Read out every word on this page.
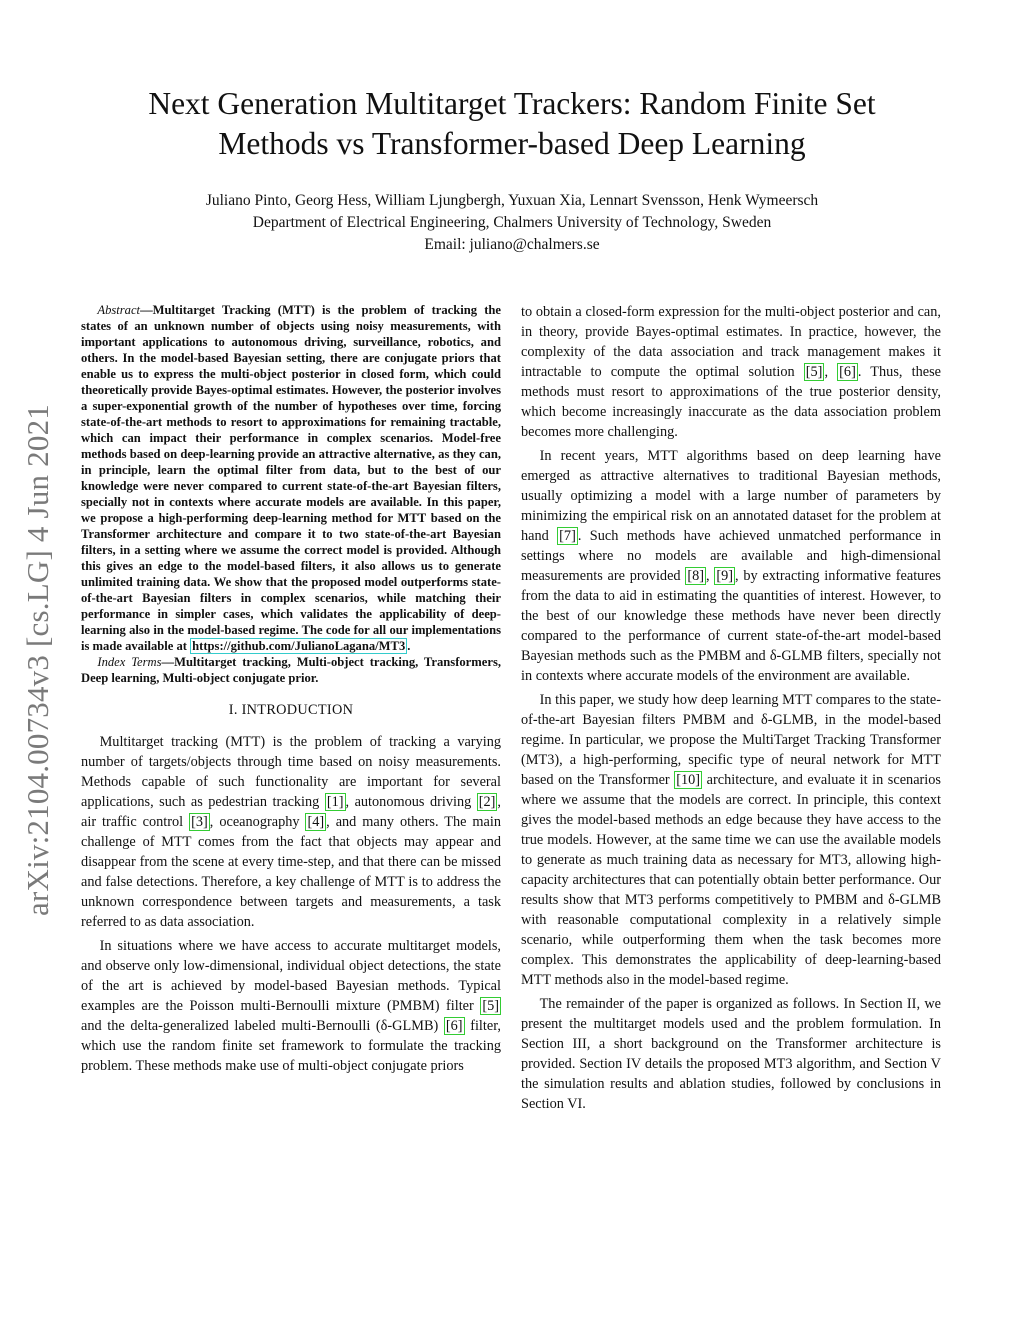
arXiv:2104.00734v3 [cs.LG] 4 Jun 2021
Next Generation Multitarget Trackers: Random Finite Set
Methods vs Transformer-based Deep Learning
Juliano Pinto, Georg Hess, William Ljungbergh, Yuxuan Xia, Lennart Svensson, Henk Wymeersch
Department of Electrical Engineering, Chalmers University of Technology, Sweden
Email: juliano@chalmers.se

Abstract—Multitarget Tracking (MTT) is the problem of tracking the states of an unknown number of objects using noisy measurements, with important applications to autonomous driving, surveillance, robotics, and others. In the model-based Bayesian setting, there are conjugate priors that enable us to express the multi-object posterior in closed form, which could theoretically provide Bayes-optimal estimates. However, the posterior involves a super-exponential growth of the number of hypotheses over time, forcing state-of-the-art methods to resort to approximations for remaining tractable, which can impact their performance in complex scenarios. Model-free methods based on deep-learning provide an attractive alternative, as they can, in principle, learn the optimal filter from data, but to the best of our knowledge were never compared to current state-of-the-art Bayesian filters, specially not in contexts where accurate models are available. In this paper, we propose a high-performing deep-learning method for MTT based on the Transformer architecture and compare it to two state-of-the-art Bayesian filters, in a setting where we assume the correct model is provided. Although this gives an edge to the model-based filters, it also allows us to generate unlimited training data. We show that the proposed model outperforms state-of-the-art Bayesian filters in complex scenarios, while matching their performance in simpler cases, which validates the applicability of deep-learning also in the model-based regime. The code for all our implementations is made available at https://github.com/JulianoLagana/MT3 .

Index Terms—Multitarget tracking, Multi-object tracking, Transformers, Deep learning, Multi-object conjugate prior.

I. INTRODUCTION

Multitarget tracking (MTT) is the problem of tracking a varying number of targets/objects through time based on noisy measurements. Methods capable of such functionality are important for several applications, such as pedestrian tracking [1] , autonomous driving [2] , air traffic control [3] , oceanography [4] , and many others. The main challenge of MTT comes from the fact that objects may appear and disappear from the scene at every time-step, and that there can be missed and false detections. Therefore, a key challenge of MTT is to address the unknown correspondence between targets and measurements, a task referred to as data association.

In situations where we have access to accurate multitarget models, and observe only low-dimensional, individual object detections, the state of the art is achieved by model-based Bayesian methods. Typical examples are the Poisson multi-Bernoulli mixture (PMBM) filter [5] and the delta-generalized labeled multi-Bernoulli (δ-GLMB) [6] filter, which use the random finite set framework to formulate the tracking problem. These methods make use of multi-object conjugate priors

to obtain a closed-form expression for the multi-object posterior and can, in theory, provide Bayes-optimal estimates. In practice, however, the complexity of the data association and track management makes it intractable to compute the optimal solution [5] , [6] . Thus, these methods must resort to approximations of the true posterior density, which become increasingly inaccurate as the data association problem becomes more challenging.

In recent years, MTT algorithms based on deep learning have emerged as attractive alternatives to traditional Bayesian methods, usually optimizing a model with a large number of parameters by minimizing the empirical risk on an annotated dataset for the problem at hand [7] . Such methods have achieved unmatched performance in settings where no models are available and high-dimensional measurements are provided [8] , [9] , by extracting informative features from the data to aid in estimating the quantities of interest. However, to the best of our knowledge these methods have never been directly compared to the performance of current state-of-the-art model-based Bayesian methods such as the PMBM and δ-GLMB filters, specially not in contexts where accurate models of the environment are available.

In this paper, we study how deep learning MTT compares to the state-of-the-art Bayesian filters PMBM and δ-GLMB, in the model-based regime. In particular, we propose the MultiTarget Tracking Transformer (MT3), a high-performing, specific type of neural network for MTT based on the Transformer [10] architecture, and evaluate it in scenarios where we assume that the models are correct. In principle, this context gives the model-based methods an edge because they have access to the true models. However, at the same time we can use the available models to generate as much training data as necessary for MT3, allowing high-capacity architectures that can potentially obtain better performance. Our results show that MT3 performs competitively to PMBM and δ-GLMB with reasonable computational complexity in a relatively simple scenario, while outperforming them when the task becomes more complex. This demonstrates the applicability of deep-learning-based MTT methods also in the model-based regime.

The remainder of the paper is organized as follows. In Section II, we present the multitarget models used and the problem formulation. In Section III, a short background on the Transformer architecture is provided. Section IV details the proposed MT3 algorithm, and Section V the simulation results and ablation studies, followed by conclusions in Section VI.
